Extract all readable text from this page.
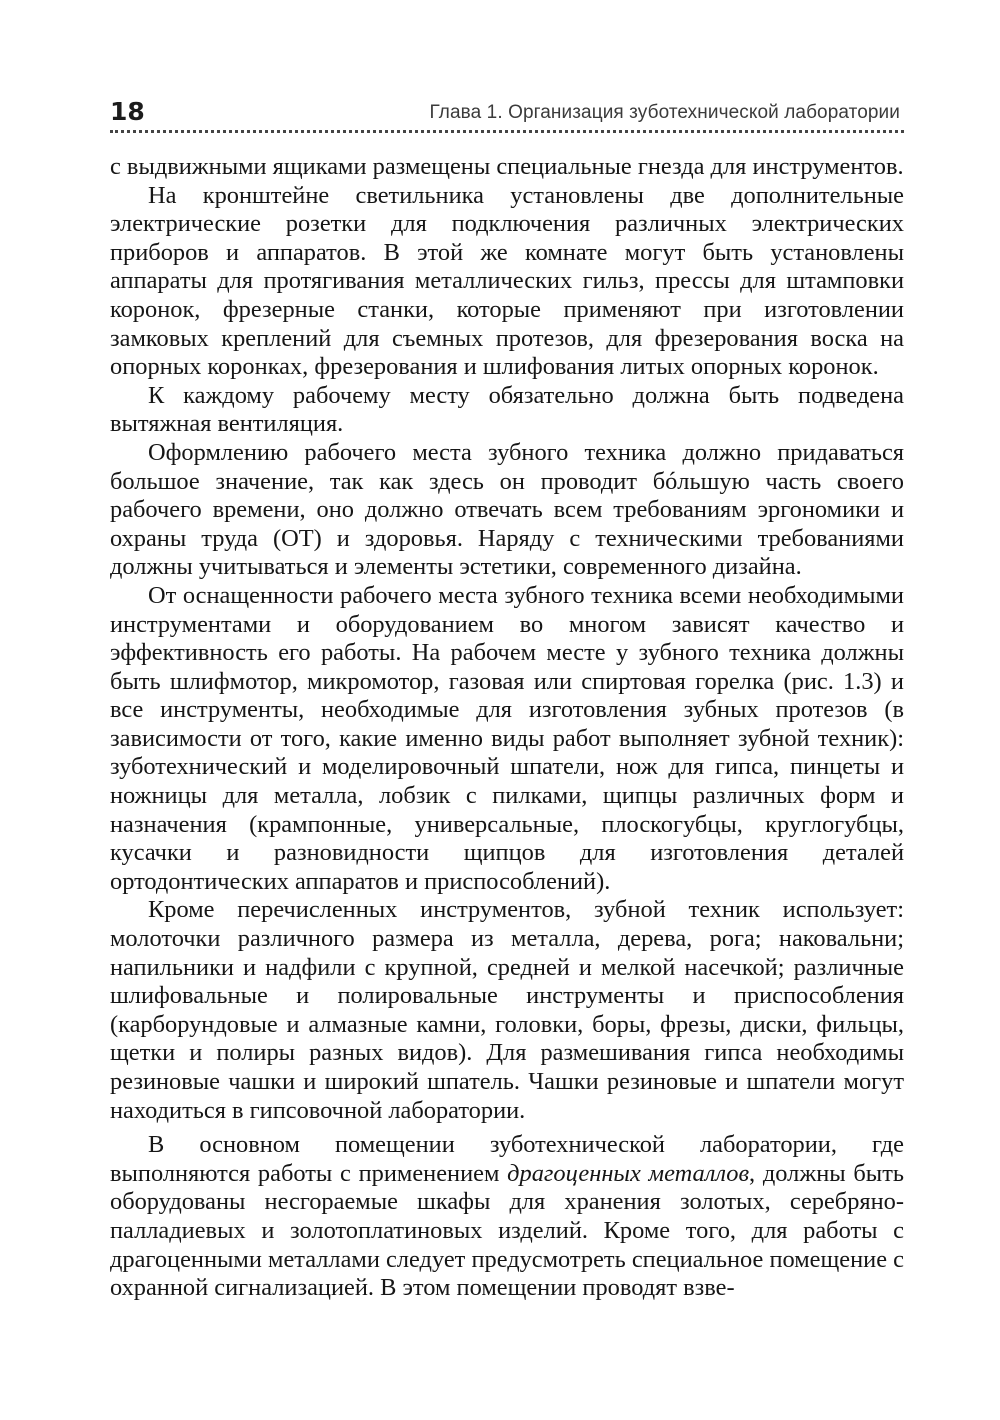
18	Глава 1. Организация зуботехнической лаборатории

с выдвижными ящиками размещены специальные гнезда для инструментов.

На кронштейне светильника установлены две дополнительные электрические розетки для подключения различных электрических приборов и аппаратов. В этой же комнате могут быть установлены аппараты для протягивания металлических гильз, прессы для штамповки коронок, фрезерные станки, которые применяют при изготовлении замковых креплений для съемных протезов, для фрезерования воска на опорных коронках, фрезерования и шлифования литых опорных коронок.

К каждому рабочему месту обязательно должна быть подведена вытяжная вентиляция.

Оформлению рабочего места зубного техника должно придаваться большое значение, так как здесь он проводит бóльшую часть своего рабочего времени, оно должно отвечать всем требованиям эргономики и охраны труда (ОТ) и здоровья. Наряду с техническими требованиями должны учитываться и элементы эстетики, современного дизайна.

От оснащенности рабочего места зубного техника всеми необходимыми инструментами и оборудованием во многом зависят качество и эффективность его работы. На рабочем месте у зубного техника должны быть шлифмотор, микромотор, газовая или спиртовая горелка (рис. 1.3) и все инструменты, необходимые для изготовления зубных протезов (в зависимости от того, какие именно виды работ выполняет зубной техник): зуботехнический и моделировочный шпатели, нож для гипса, пинцеты и ножницы для металла, лобзик с пилками, щипцы различных форм и назначения (крампонные, универсальные, плоскогубцы, круглогубцы, кусачки и разновидности щипцов для изготовления деталей ортодонтических аппаратов и приспособлений).

Кроме перечисленных инструментов, зубной техник использует: молоточки различного размера из металла, дерева, рога; наковальни; напильники и надфили с крупной, средней и мелкой насечкой; различные шлифовальные и полировальные инструменты и приспособления (карборундовые и алмазные камни, головки, боры, фрезы, диски, фильцы, щетки и полиры разных видов). Для размешивания гипса необходимы резиновые чашки и широкий шпатель. Чашки резиновые и шпатели могут находиться в гипсовочной лаборатории.

В основном помещении зуботехнической лаборатории, где выполняются работы с применением драгоценных металлов, должны быть оборудованы несгораемые шкафы для хранения золотых, серебряно-палладиевых и золотоплатиновых изделий. Кроме того, для работы с драгоценными металлами следует предусмотреть специальное помещение с охранной сигнализацией. В этом помещении проводят взве-
